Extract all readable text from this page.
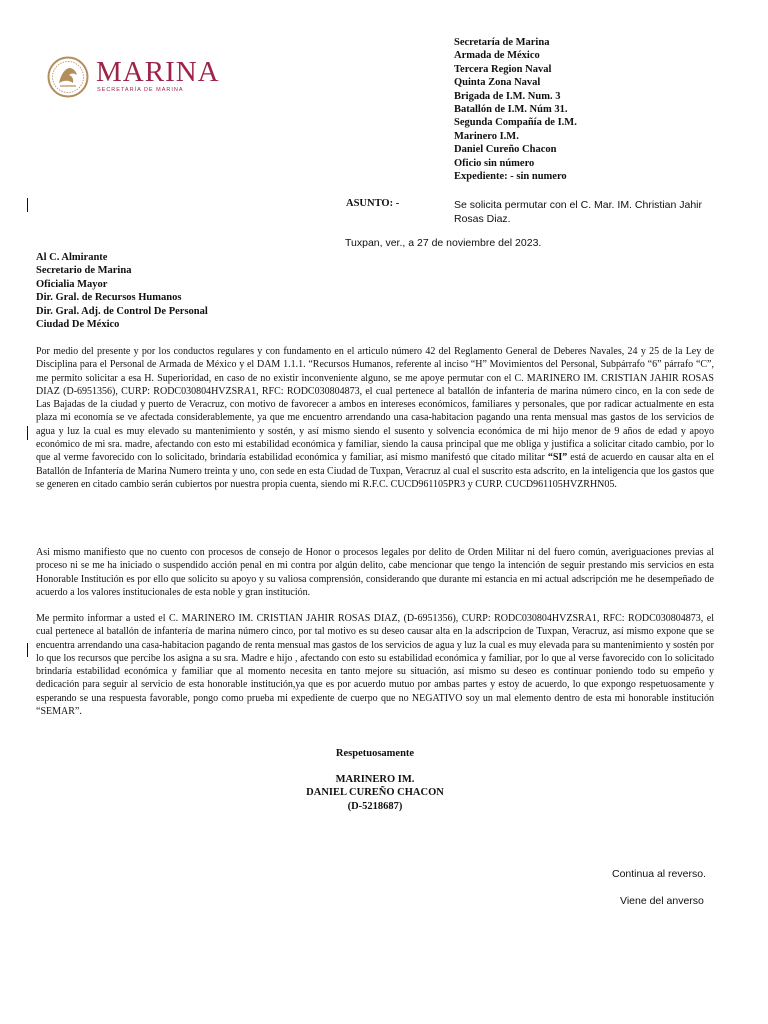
MARINA
SECRETARÍA DE MARINA
Secretaría de Marina
Armada de México
Tercera Region Naval
Quinta Zona Naval
Brigada de I.M. Num. 3
Batallón de I.M. Núm 31.
Segunda Compañía de I.M.
Marinero I.M.
Daniel Cureño Chacon
Oficio sin número
Expediente: - sin numero
ASUNTO: -	Se solicita permutar con el C. Mar. IM. Christian Jahir Rosas Diaz.
Tuxpan, ver., a 27 de noviembre del 2023.
Al C. Almirante
Secretario de Marina
Oficialia Mayor
Dir. Gral. de Recursos Humanos
Dir. Gral. Adj. de Control De Personal
Ciudad De México
Por medio del presente y por los conductos regulares y con fundamento en el articulo número 42 del Reglamento General de Deberes Navales, 24 y 25 de la Ley de Disciplina para el Personal de Armada de México y el DAM 1.1.1. “Recursos Humanos, referente al inciso “H” Movimientos del Personal, Subpárrafo “6” párrafo “C”, me permito solicitar a esa H. Superioridad, en caso de no existir inconveniente alguno, se me apoye permutar con el C. MARINERO IM. CRISTIAN JAHIR ROSAS DIAZ (D-6951356), CURP: RODC030804HVZSRA1, RFC: RODC030804873, el cual pertenece al batallón de infanteria de marina número cinco, en la con sede de Las Bajadas de la ciudad y puerto de Veracruz, con motivo de favorecer a ambos en intereses económicos, familiares y personales, que por radicar actualmente en esta plaza mi economía se ve afectada considerablemente, ya que me encuentro arrendando una casa-habitacion pagando una renta mensual mas gastos de los servicios de agua y luz la cual es muy elevado su mantenimiento y sostén, y así mismo siendo el susento y solvencia económica de mi hijo menor de 9 años de edad y apoyo económico de mi sra. madre, afectando con esto mi estabilidad económica y familiar, siendo la causa principal que me obliga y justifica a solicitar citado cambio, por lo que al verme favorecido con lo solicitado, brindaría estabilidad económica y familiar, así mismo manifestó que citado militar “SI” está de acuerdo en causar alta en el Batallón de Infantería de Marina Numero treinta y uno, con sede en esta Ciudad de Tuxpan, Veracruz al cual el suscrito esta adscrito, en la inteligencia que los gastos que se generen en citado cambio serán cubiertos por nuestra propia cuenta, siendo mi R.F.C. CUCD961105PR3 y CURP. CUCD961105HVZRHN05.
Asi mismo manifiesto que no cuento con procesos de consejo de Honor o procesos legales por delito de Orden Militar ni del fuero común, averiguaciones previas al proceso ni se me ha iniciado o suspendido acción penal en mi contra por algún delito, cabe mencionar que tengo la intención de seguir prestando mis servicios en esta Honorable Institución es por ello que solicito su apoyo y su valiosa comprensión, considerando que durante mi estancia en mi actual adscripción me he desempeñado de acuerdo a los valores institucionales de esta noble y gran institución.
Me permito informar a usted el C. MARINERO IM. CRISTIAN JAHIR ROSAS DIAZ, (D-6951356), CURP: RODC030804HVZSRA1, RFC: RODC030804873, el cual pertenece al batallón de infantería de marina número cinco, por tal motivo es su deseo causar alta en la adscripcion de Tuxpan, Veracruz, así mismo expone que se encuentra arrendando una casa-habitacion pagando de renta mensual mas gastos de los servicios de agua y luz la cual es muy elevada para su mantenimiento y sostén por lo que los recursos que percibe los asigna a su sra. Madre e hijo , afectando con esto su estabilidad económica y familiar, por lo que al verse favorecido con lo solicitado brindaría estabilidad económica y familiar que al momento necesita en tanto mejore su situación, así mismo su deseo es continuar poniendo todo su empeño y dedicación para seguir al servicio de esta honorable institución,ya que es por acuerdo mutuo por ambas partes y estoy de acuerdo, lo que expongo respetuosamente y esperando se una respuesta favorable, pongo como prueba mi expediente de cuerpo que no NEGATIVO soy un mal elemento dentro de esta mi honorable institución “SEMAR”.
Respetuosamente
MARINERO IM.
DANIEL CUREÑO CHACON
(D-5218687)
Continua al reverso.
Viene del anverso
